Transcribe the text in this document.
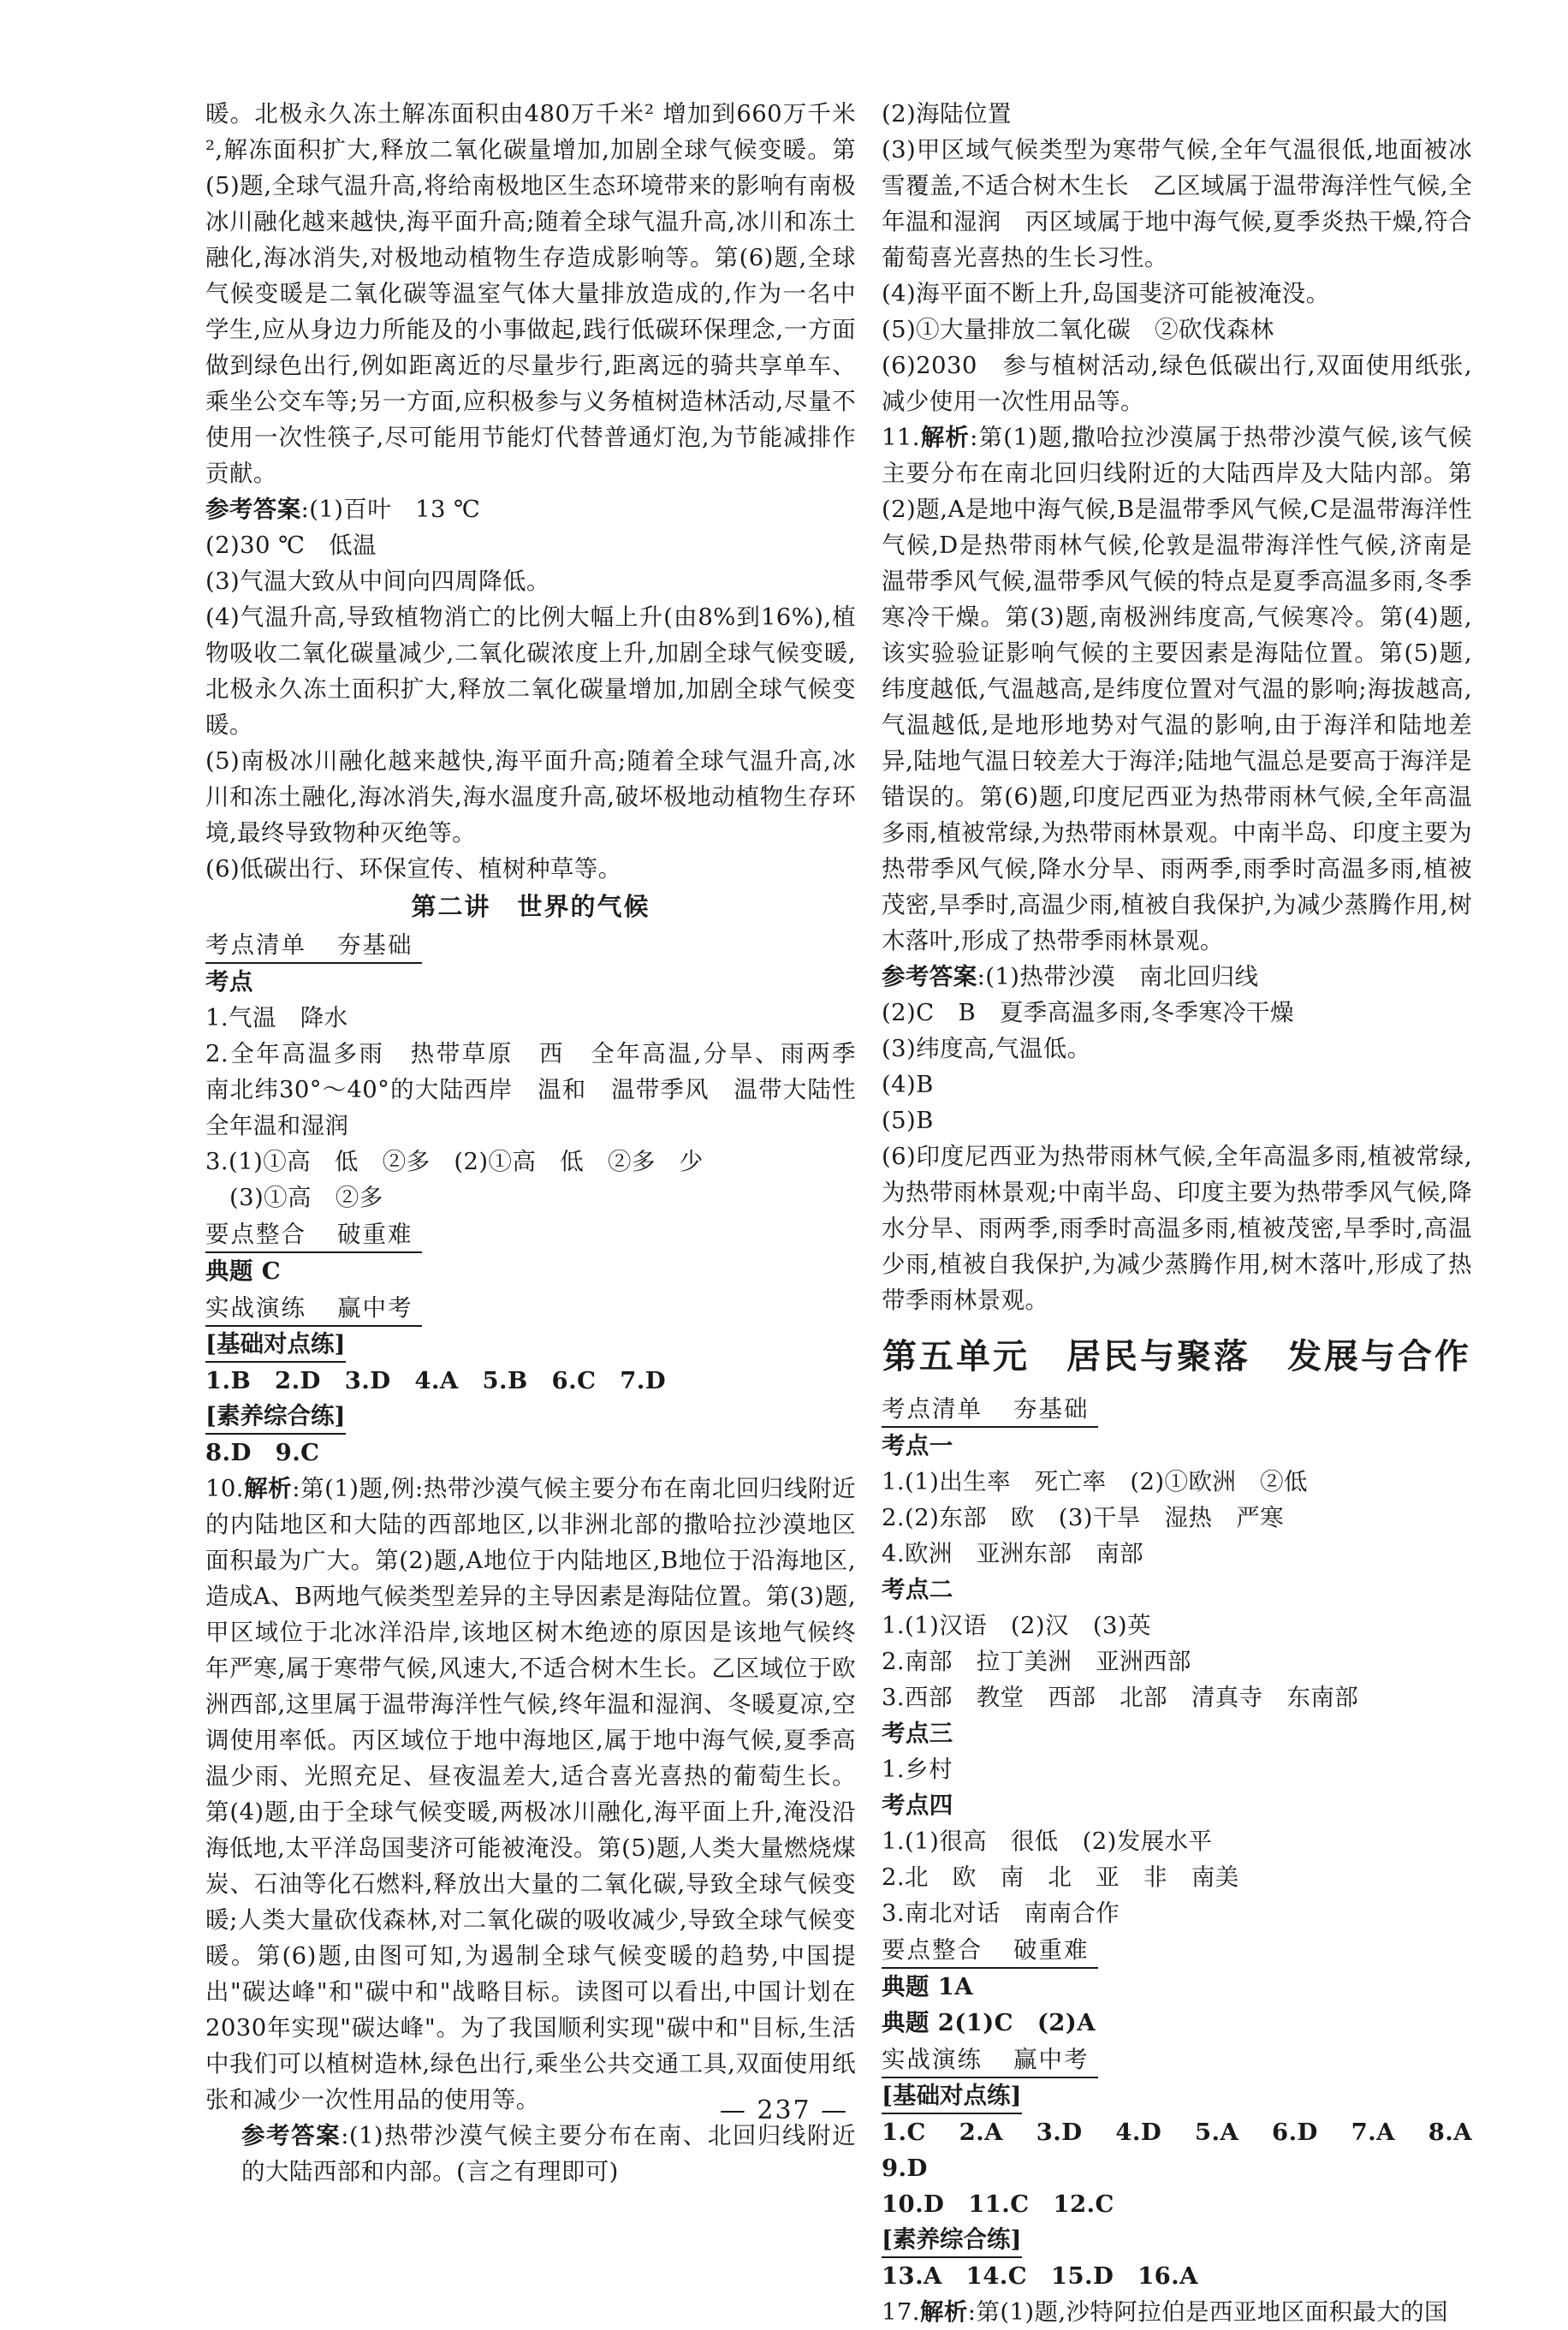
暖。北极永久冻土解冻面积由480万千米² 增加到660万千米²,解冻面积扩大,释放二氧化碳量增加,加剧全球气候变暖。第(5)题,全球气温升高,将给南极地区生态环境带来的影响有南极冰川融化越来越快,海平面升高;随着全球气温升高,冰川和冻土融化,海冰消失,对极地动植物生存造成影响等。第(6)题,全球气候变暖是二氧化碳等温室气体大量排放造成的,作为一名中学生,应从身边力所能及的小事做起,践行低碳环保理念,一方面做到绿色出行,例如距离近的尽量步行,距离远的骑共享单车、乘坐公交车等;另一方面,应积极参与义务植树造林活动,尽量不使用一次性筷子,尽可能用节能灯代替普通灯泡,为节能减排作贡献。

参考答案:(1)百叶　13 ℃

(2)30 ℃　低温

(3)气温大致从中间向四周降低。

(4)气温升高,导致植物消亡的比例大幅上升(由8%到16%),植物吸收二氧化碳量减少,二氧化碳浓度上升,加剧全球气候变暖,北极永久冻土面积扩大,释放二氧化碳量增加,加剧全球气候变暖。

(5)南极冰川融化越来越快,海平面升高;随着全球气温升高,冰川和冻土融化,海冰消失,海水温度升高,破坏极地动植物生存环境,最终导致物种灭绝等。

(6)低碳出行、环保宣传、植树种草等。

第二讲　世界的气候

考点清单 夯基础

考点

1.气温　降水

2.全年高温多雨　热带草原　西　全年高温,分旱、雨两季　南北纬30°～40°的大陆西岸　温和　温带季风　温带大陆性　全年温和湿润

3.(1)①高　低　②多　(2)①高　低　②多　少

(3)①高　②多

要点整合 破重难

典题 C

实战演练 赢中考
[基础对点练]

1.B　2.D　3.D　4.A　5.B　6.C　7.D

[素养综合练]

8.D　9.C

10.解析:第(1)题,例:热带沙漠气候主要分布在南北回归线附近的内陆地区和大陆的西部地区,以非洲北部的撒哈拉沙漠地区面积最为广大。第(2)题,A地位于内陆地区,B地位于沿海地区,造成A、B两地气候类型差异的主导因素是海陆位置。第(3)题,甲区域位于北冰洋沿岸,该地区树木绝迹的原因是该地气候终年严寒,属于寒带气候,风速大,不适合树木生长。乙区域位于欧洲西部,这里属于温带海洋性气候,终年温和湿润、冬暖夏凉,空调使用率低。丙区域位于地中海地区,属于地中海气候,夏季高温少雨、光照充足、昼夜温差大,适合喜光喜热的葡萄生长。第(4)题,由于全球气候变暖,两极冰川融化,海平面上升,淹没沿海低地,太平洋岛国斐济可能被淹没。第(5)题,人类大量燃烧煤炭、石油等化石燃料,释放出大量的二氧化碳,导致全球气候变暖;人类大量砍伐森林,对二氧化碳的吸收减少,导致全球气候变暖。第(6)题,由图可知,为遏制全球气候变暖的趋势,中国提出"碳达峰"和"碳中和"战略目标。读图可以看出,中国计划在2030年实现"碳达峰"。为了我国顺利实现"碳中和"目标,生活中我们可以植树造林,绿色出行,乘坐公共交通工具,双面使用纸张和减少一次性用品的使用等。

参考答案:(1)热带沙漠气候主要分布在南、北回归线附近的大陆西部和内部。(言之有理即可)

(2)海陆位置

(3)甲区域气候类型为寒带气候,全年气温很低,地面被冰雪覆盖,不适合树木生长　乙区域属于温带海洋性气候,全年温和湿润　丙区域属于地中海气候,夏季炎热干燥,符合葡萄喜光喜热的生长习性。

(4)海平面不断上升,岛国斐济可能被淹没。

(5)①大量排放二氧化碳　②砍伐森林

(6)2030　参与植树活动,绿色低碳出行,双面使用纸张,减少使用一次性用品等。

11.解析:第(1)题,撒哈拉沙漠属于热带沙漠气候,该气候主要分布在南北回归线附近的大陆西岸及大陆内部。第(2)题,A是地中海气候,B是温带季风气候,C是温带海洋性气候,D是热带雨林气候,伦敦是温带海洋性气候,济南是温带季风气候,温带季风气候的特点是夏季高温多雨,冬季寒冷干燥。第(3)题,南极洲纬度高,气候寒冷。第(4)题,该实验验证影响气候的主要因素是海陆位置。第(5)题,纬度越低,气温越高,是纬度位置对气温的影响;海拔越高,气温越低,是地形地势对气温的影响,由于海洋和陆地差异,陆地气温日较差大于海洋;陆地气温总是要高于海洋是错误的。第(6)题,印度尼西亚为热带雨林气候,全年高温多雨,植被常绿,为热带雨林景观。中南半岛、印度主要为热带季风气候,降水分旱、雨两季,雨季时高温多雨,植被茂密,旱季时,高温少雨,植被自我保护,为减少蒸腾作用,树木落叶,形成了热带季雨林景观。

参考答案:(1)热带沙漠　南北回归线

(2)C　B　夏季高温多雨,冬季寒冷干燥

(3)纬度高,气温低。

(4)B

(5)B

(6)印度尼西亚为热带雨林气候,全年高温多雨,植被常绿,为热带雨林景观;中南半岛、印度主要为热带季风气候,降水分旱、雨两季,雨季时高温多雨,植被茂密,旱季时,高温少雨,植被自我保护,为减少蒸腾作用,树木落叶,形成了热带季雨林景观。

第五单元　居民与聚落　发展与合作

考点清单 夯基础

考点一

1.(1)出生率　死亡率　(2)①欧洲　②低

2.(2)东部　欧　(3)干旱　湿热　严寒

4.欧洲　亚洲东部　南部

考点二

1.(1)汉语　(2)汉　(3)英

2.南部　拉丁美洲　亚洲西部

3.西部　教堂　西部　北部　清真寺　东南部

考点三

1.乡村

考点四

1.(1)很高　很低　(2)发展水平

2.北　欧　南　北　亚　非　南美

3.南北对话　南南合作

要点整合 破重难

典题 1A

典题 2(1)C　(2)A

实战演练 赢中考
[基础对点练]

1.C　2.A　3.D　4.D　5.A　6.D　7.A　8.A　9.D

10.D　11.C　12.C

[素养综合练]

13.A　14.C　15.D　16.A

17.解析:第(1)题,沙特阿拉伯是西亚地区面积最大的国

— 237 —
